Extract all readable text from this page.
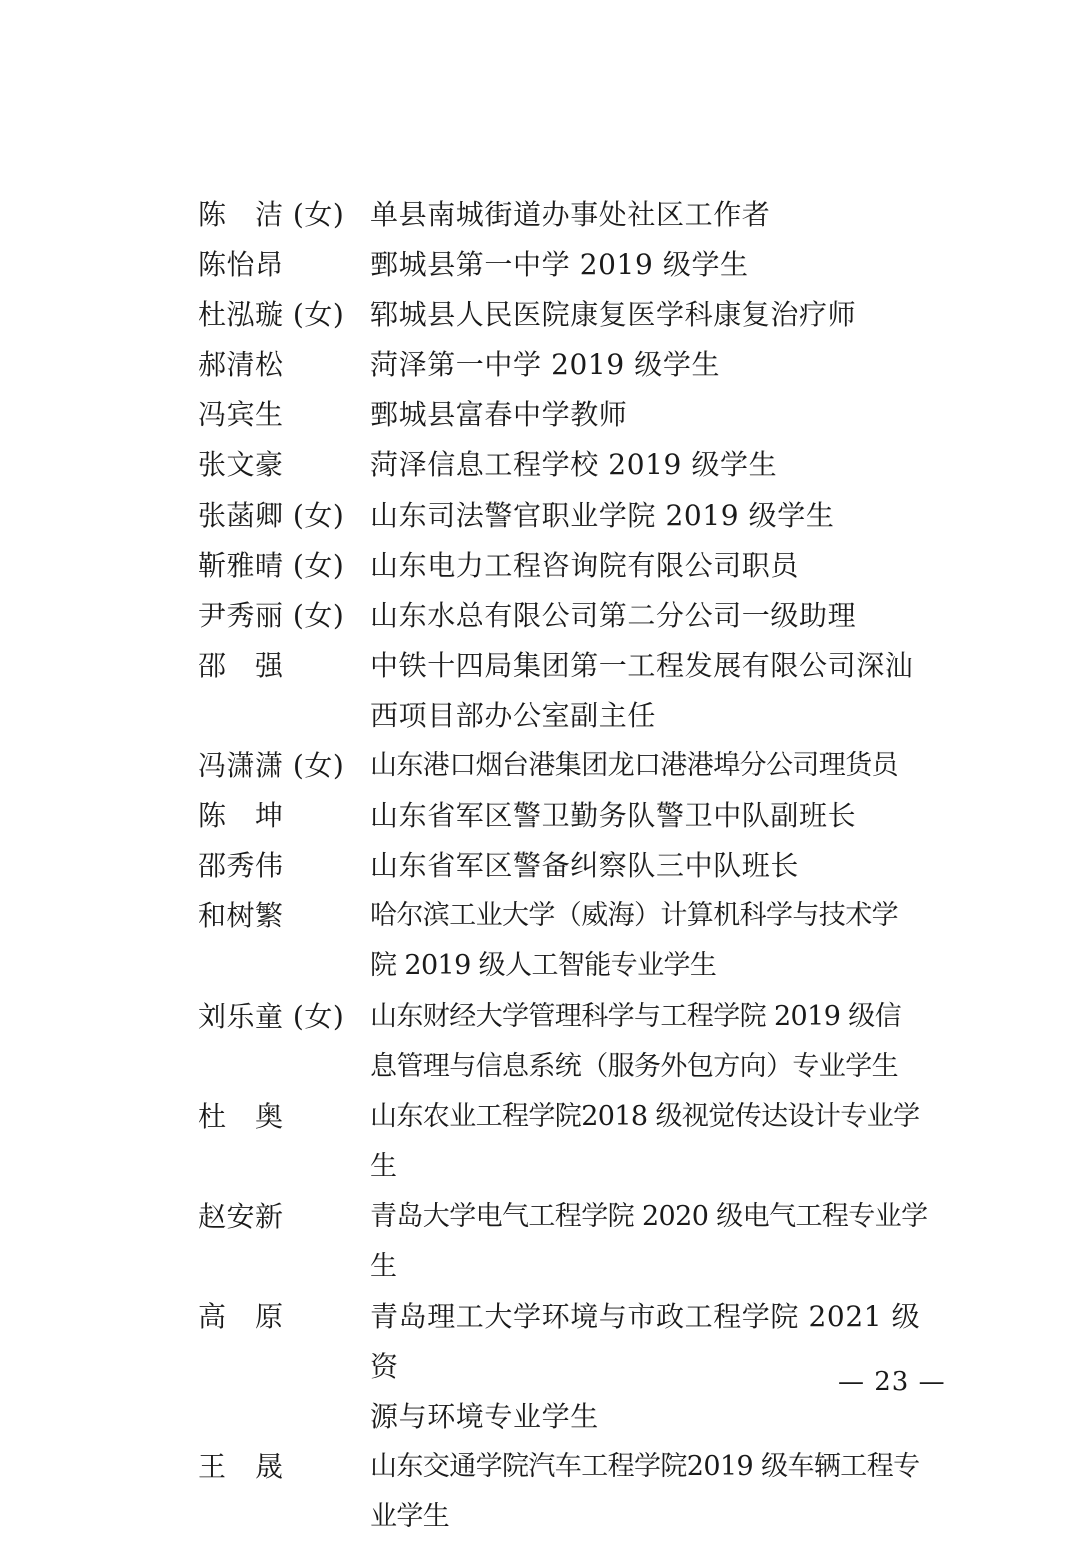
陈　洁 (女) 单县南城街道办事处社区工作者
陈怡昂	鄄城县第一中学 2019 级学生
杜泓璇 (女) 郓城县人民医院康复医学科康复治疗师
郝清松	菏泽第一中学 2019 级学生
冯宾生	鄄城县富春中学教师
张文豪	菏泽信息工程学校 2019 级学生
张菡卿 (女) 山东司法警官职业学院 2019 级学生
靳雅晴 (女) 山东电力工程咨询院有限公司职员
尹秀丽 (女) 山东水总有限公司第二分公司一级助理
邵　强	中铁十四局集团第一工程发展有限公司深汕
西项目部办公室副主任
冯潇潇 (女) 山东港口烟台港集团龙口港港埠分公司理货员
陈　坤	山东省军区警卫勤务队警卫中队副班长
邵秀伟	山东省军区警备纠察队三中队班长
和树繁	哈尔滨工业大学（威海）计算机科学与技术学
院 2019 级人工智能专业学生
刘乐童 (女) 山东财经大学管理科学与工程学院 2019 级信
息管理与信息系统（服务外包方向）专业学生
杜　奥	山东农业工程学院2018 级视觉传达设计专业学生
赵安新	青岛大学电气工程学院 2020 级电气工程专业学生
高　原	青岛理工大学环境与市政工程学院 2021 级资
源与环境专业学生
王　晟	山东交通学院汽车工程学院2019 级车辆工程专业学生
— 23 —
